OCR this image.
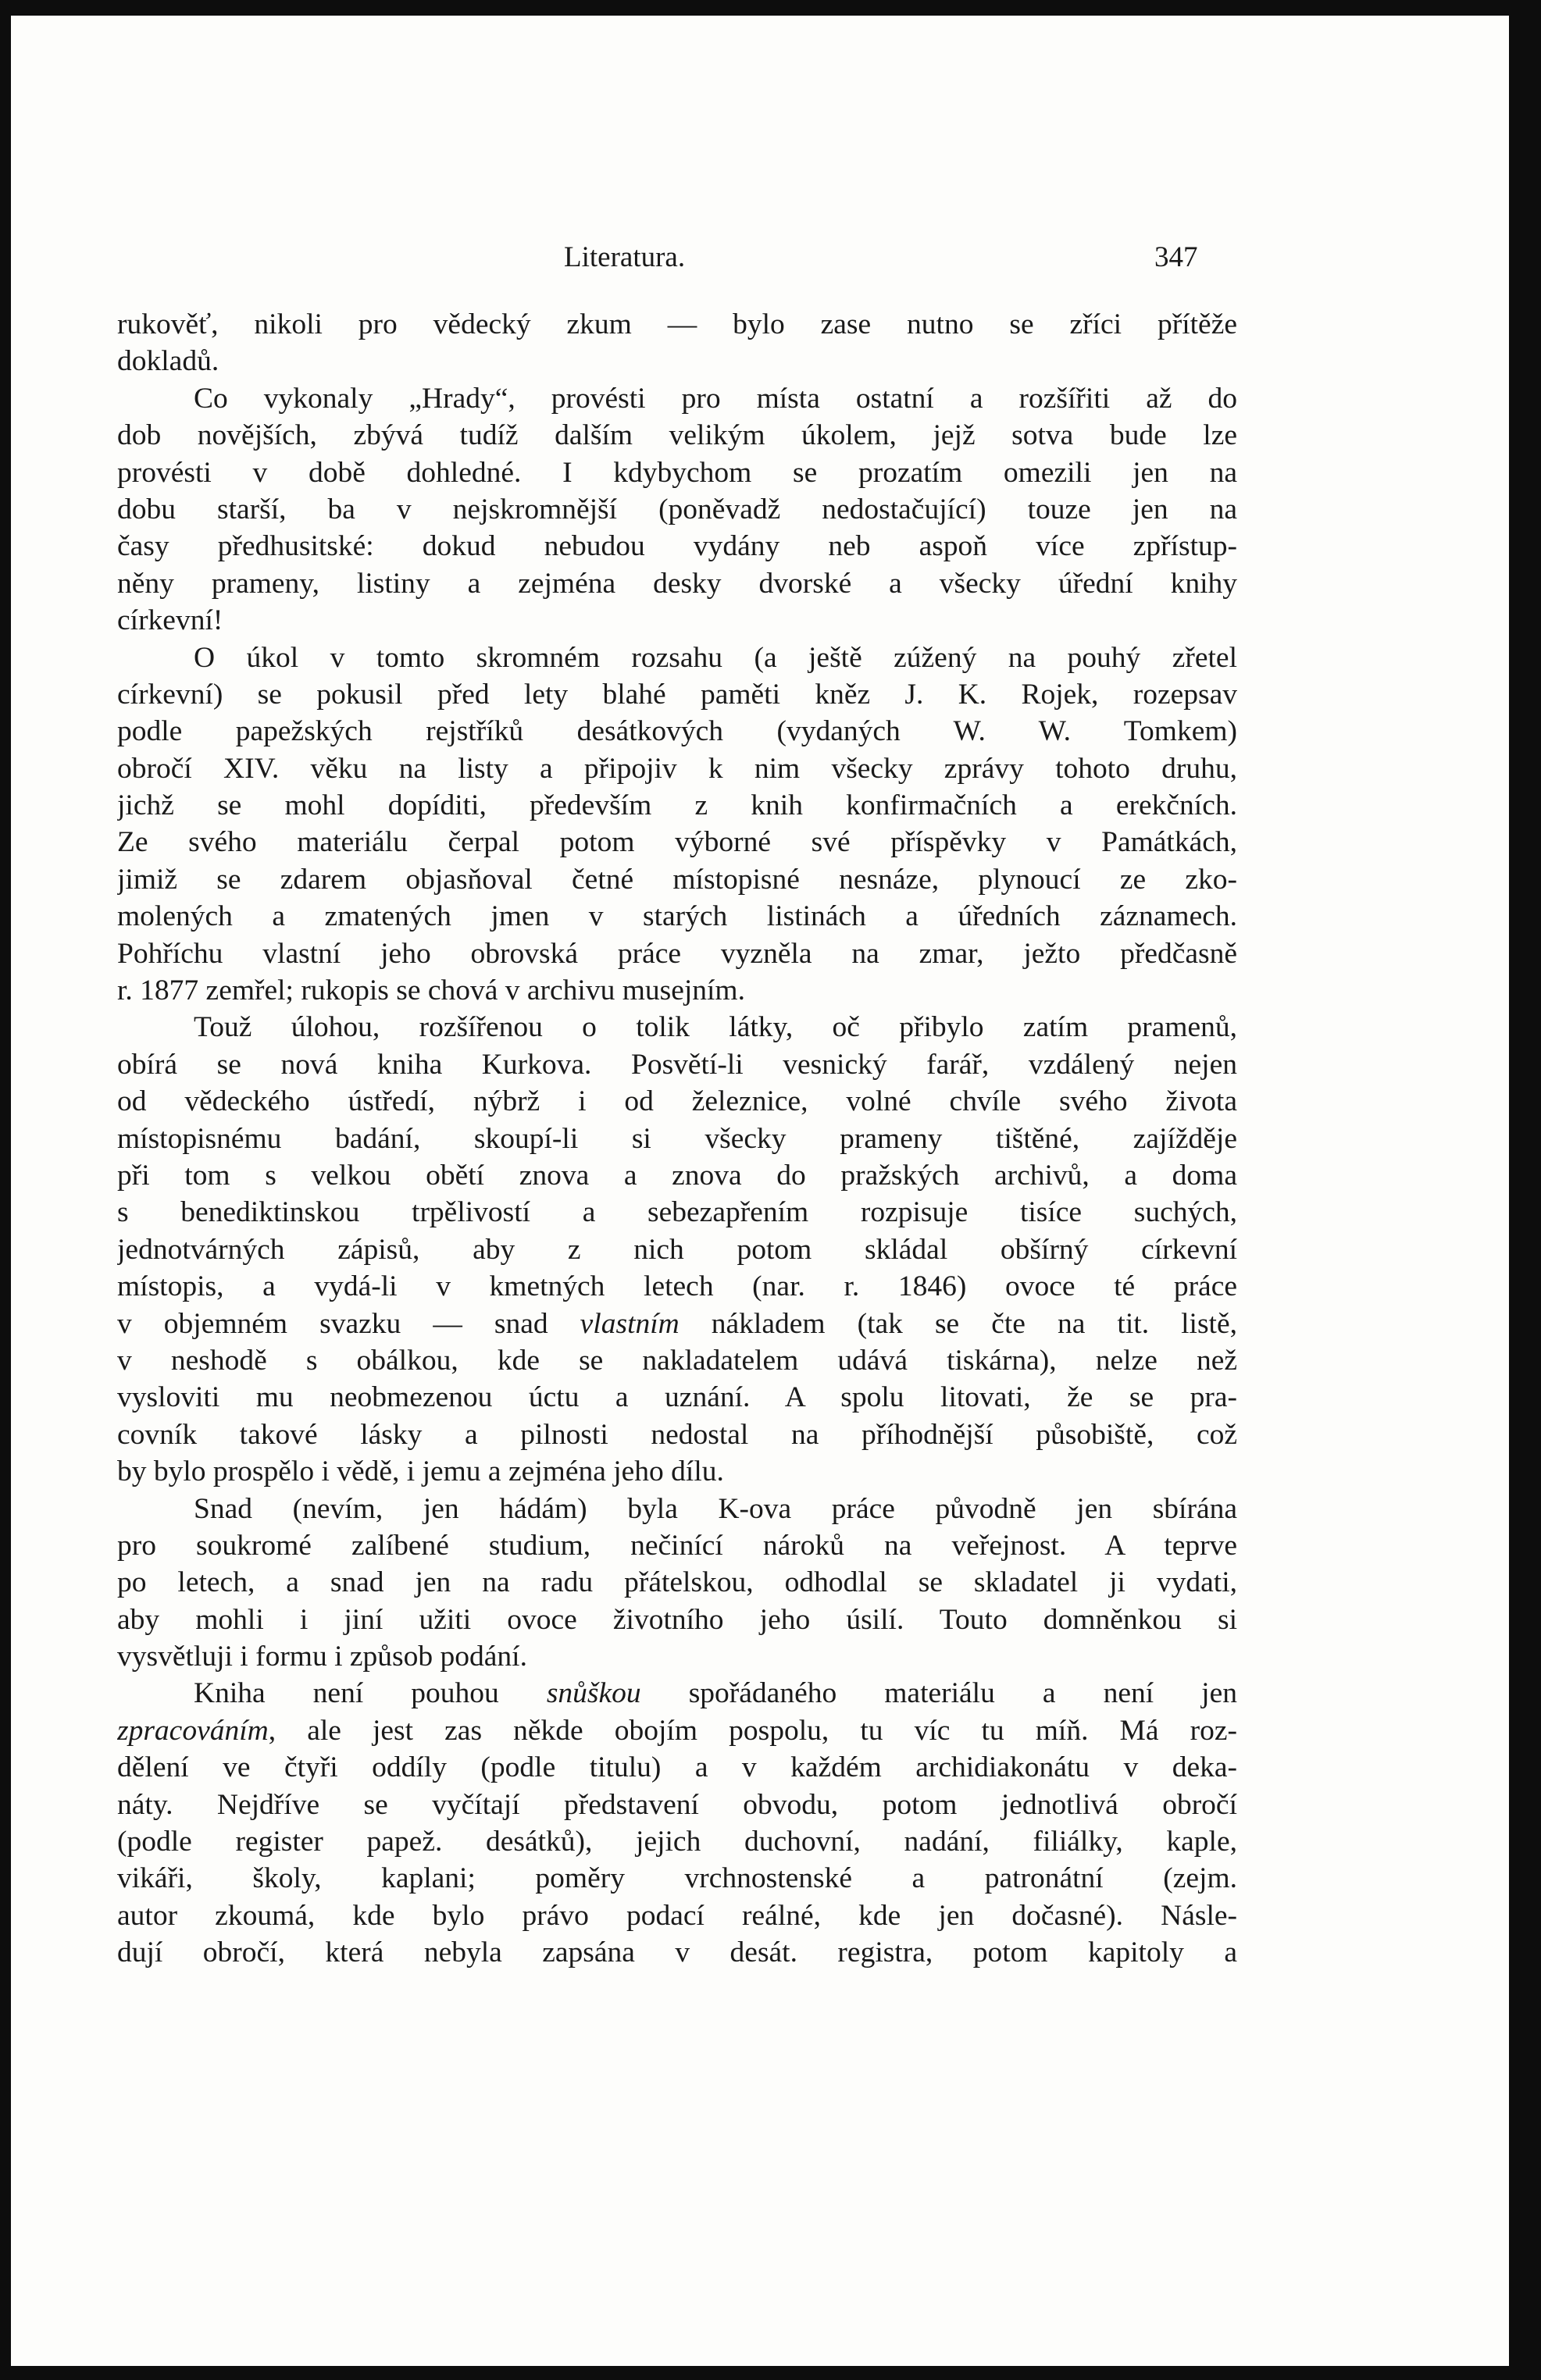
Literatura.	347
rukověť, nikoli pro vědecký zkum — bylo zase nutno se zříci přítěže
dokladů.
Co vykonaly „Hrady“, provésti pro místa ostatní a rozšířiti až do
dob novějších, zbývá tudíž dalším velikým úkolem, jejž sotva bude lze
provésti v době dohledné. I kdybychom se prozatím omezili jen na
dobu starší, ba v nejskromnější (poněvadž nedostačující) touze jen na
časy předhusitské: dokud nebudou vydány neb aspoň více zpřístup-
něny prameny, listiny a zejména desky dvorské a všecky úřední knihy
církevní!
O úkol v tomto skromném rozsahu (a ještě zúžený na pouhý zřetel
církevní) se pokusil před lety blahé paměti kněz J. K. Rojek, rozepsav
podle papežských rejstříků desátkových (vydaných W. W. Tomkem)
obročí XIV. věku na listy a připojiv k nim všecky zprávy tohoto druhu,
jichž se mohl dopíditi, především z knih konfirmačních a erekčních.
Ze svého materiálu čerpal potom výborné své příspěvky v Památkách,
jimiž se zdarem objasňoval četné místopisné nesnáze, plynoucí ze zko-
molených a zmatených jmen v starých listinách a úředních záznamech.
Pohříchu vlastní jeho obrovská práce vyzněla na zmar, ježto předčasně
r. 1877 zemřel; rukopis se chová v archivu musejním.
Touž úlohou, rozšířenou o tolik látky, oč přibylo zatím pramenů,
obírá se nová kniha Kurkova. Posvětí-li vesnický farář, vzdálený nejen
od vědeckého ústředí, nýbrž i od železnice, volné chvíle svého života
místopisnému badání, skoupí-li si všecky prameny tištěné, zajížděje
při tom s velkou obětí znova a znova do pražských archivů, a doma
s benediktinskou trpělivostí a sebezapřením rozpisuje tisíce suchých,
jednotvárných zápisů, aby z nich potom skládal obšírný církevní
místopis, a vydá-li v kmetných letech (nar. r. 1846) ovoce té práce
v objemném svazku — snad vlastním nákladem (tak se čte na tit. listě,
v neshodě s obálkou, kde se nakladatelem udává tiskárna), nelze než
vysloviti mu neobmezenou úctu a uznání. A spolu litovati, že se pra-
covník takové lásky a pilnosti nedostal na příhodnější působiště, což
by bylo prospělo i vědě, i jemu a zejména jeho dílu.
Snad (nevím, jen hádám) byla K-ova práce původně jen sbírána
pro soukromé zalíbené studium, nečinící nároků na veřejnost. A teprve
po letech, a snad jen na radu přátelskou, odhodlal se skladatel ji vydati,
aby mohli i jiní užiti ovoce životního jeho úsilí. Touto domněnkou si
vysvětluji i formu i způsob podání.
Kniha není pouhou snůškou spořádaného materiálu a není jen
zpracováním, ale jest zas někde obojím pospolu, tu víc tu míň. Má roz-
dělení ve čtyři oddíly (podle titulu) a v každém archidiakonátu v deka-
náty. Nejdříve se vyčítají představení obvodu, potom jednotlivá obročí
(podle register papež. desátků), jejich duchovní, nadání, filiálky, kaple,
vikáři, školy, kaplani; poměry vrchnostenské a patronátní (zejm.
autor zkoumá, kde bylo právo podací reálné, kde jen dočasné). Násle-
dují obročí, která nebyla zapsána v desát. registra, potom kapitoly a
